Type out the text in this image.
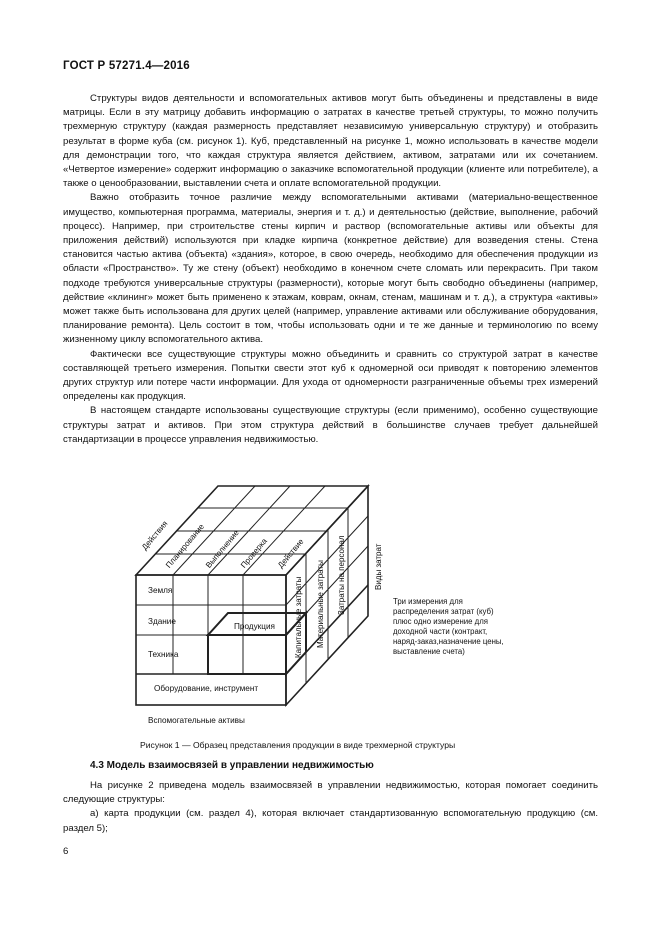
ГОСТ Р 57271.4—2016

Структуры видов деятельности и вспомогательных активов могут быть объединены и представлены в виде матрицы. Если в эту матрицу добавить информацию о затратах в качестве третьей структуры, то можно получить трехмерную структуру (каждая размерность представляет независимую универсальную структуру) и отобразить результат в форме куба (см. рисунок 1). Куб, представленный на рисунке 1, можно использовать в качестве модели для демонстрации того, что каждая структура является действием, активом, затратами или их сочетанием. «Четвертое измерение» содержит информацию о заказчике вспомогательной продукции (клиенте или потребителе), а также о ценообразовании, выставлении счета и оплате вспомогательной продукции.

Важно отобразить точное различие между вспомогательными активами (материально-вещественное имущество, компьютерная программа, материалы, энергия и т. д.) и деятельностью (действие, выполнение, рабочий процесс). Например, при строительстве стены кирпич и раствор (вспомогательные активы или объекты для приложения действий) используются при кладке кирпича (конкретное действие) для возведения стены. Стена становится частью актива (объекта) «здания», которое, в свою очередь, необходимо для обеспечения продукции из области «Пространство». Ту же стену (объект) необходимо в конечном счете сломать или перекрасить. При таком подходе требуются универсальные структуры (размерности), которые могут быть свободно объединены (например, действие «клининг» может быть применено к этажам, коврам, окнам, стенам, машинам и т. д.), а структура «активы» может также быть использована для других целей (например, управление активами или обслуживание оборудования, планирование ремонта). Цель состоит в том, чтобы использовать одни и те же данные и терминологию по всему жизненному циклу вспомогательного актива.

Фактически все существующие структуры можно объединить и сравнить со структурой затрат в качестве составляющей третьего измерения. Попытки свести этот куб к одномерной оси приводят к повторению элементов других структур или потере части информации. Для ухода от одномерности разграниченные объемы трех измерений определены как продукция.

В настоящем стандарте использованы существующие структуры (если применимо), особенно существующие структуры затрат и активов. При этом структура действий в большинстве случаев требует дальнейшей стандартизации в процессе управления недвижимостью.

Действия
Планирование
Выполнение
Проверка Действие
Земля
Здание
Техника
Оборудование, инструмент
Продукция Капитальные затраты Материальные затраты Затраты на персонал	Виды затрат
Вспомогательные активы
Три измерения для распределения затрат (куб) плюс одно измерение для доходной части (контракт, наряд-заказ,назначение цены, выставление счета)
Рисунок 1 — Образец представления продукции в виде трехмерной структуры
4.3 Модель взаимосвязей в управлении недвижимостью

На рисунке 2 приведена модель взаимосвязей в управлении недвижимостью, которая помогает соединить следующие структуры:

а) карта продукции (см. раздел 4), которая включает стандартизованную вспомогательную продукцию (см. раздел 5);

6
